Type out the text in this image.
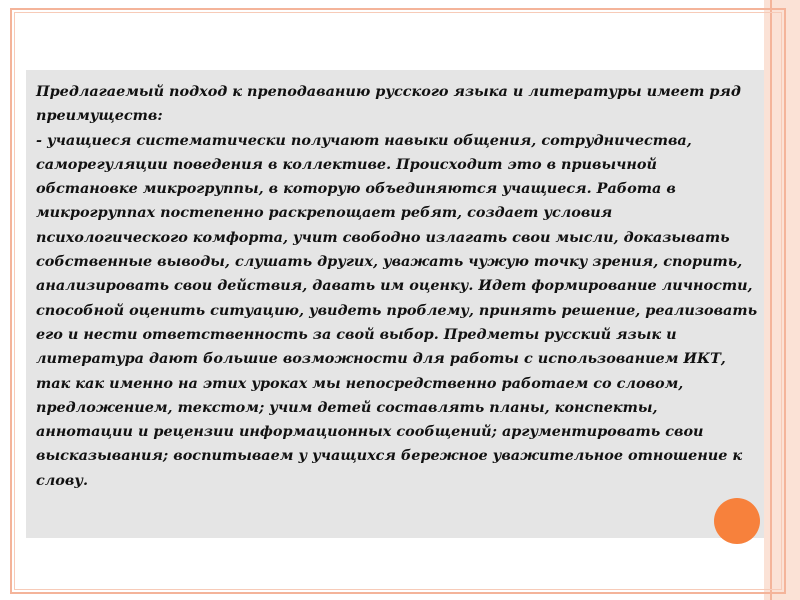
Предлагаемый подход к преподаванию русского языка и литературы имеет ряд преимуществ:
- учащиеся систематически получают навыки общения, сотрудничества, саморегуляции поведения в коллективе. Происходит это в привычной обстановке микрогруппы, в которую объединяются учащиеся. Работа в микрогруппах постепенно раскрепощает ребят, создает условия психологического комфорта, учит свободно излагать свои мысли, доказывать собственные выводы, слушать других, уважать чужую точку зрения, спорить, анализировать свои действия, давать им оценку. Идет формирование личности, способной оценить ситуацию, увидеть проблему, принять решение, реализовать его и нести ответственность за свой выбор. Предметы русский язык и литература дают большие возможности для работы с использованием ИКТ, так как именно на этих уроках мы непосредственно работаем со словом, предложением, текстом; учим детей составлять планы, конспекты, аннотации и рецензии информационных сообщений; аргументировать свои высказывания; воспитываем у учащихся бережное уважительное отношение к слову.
